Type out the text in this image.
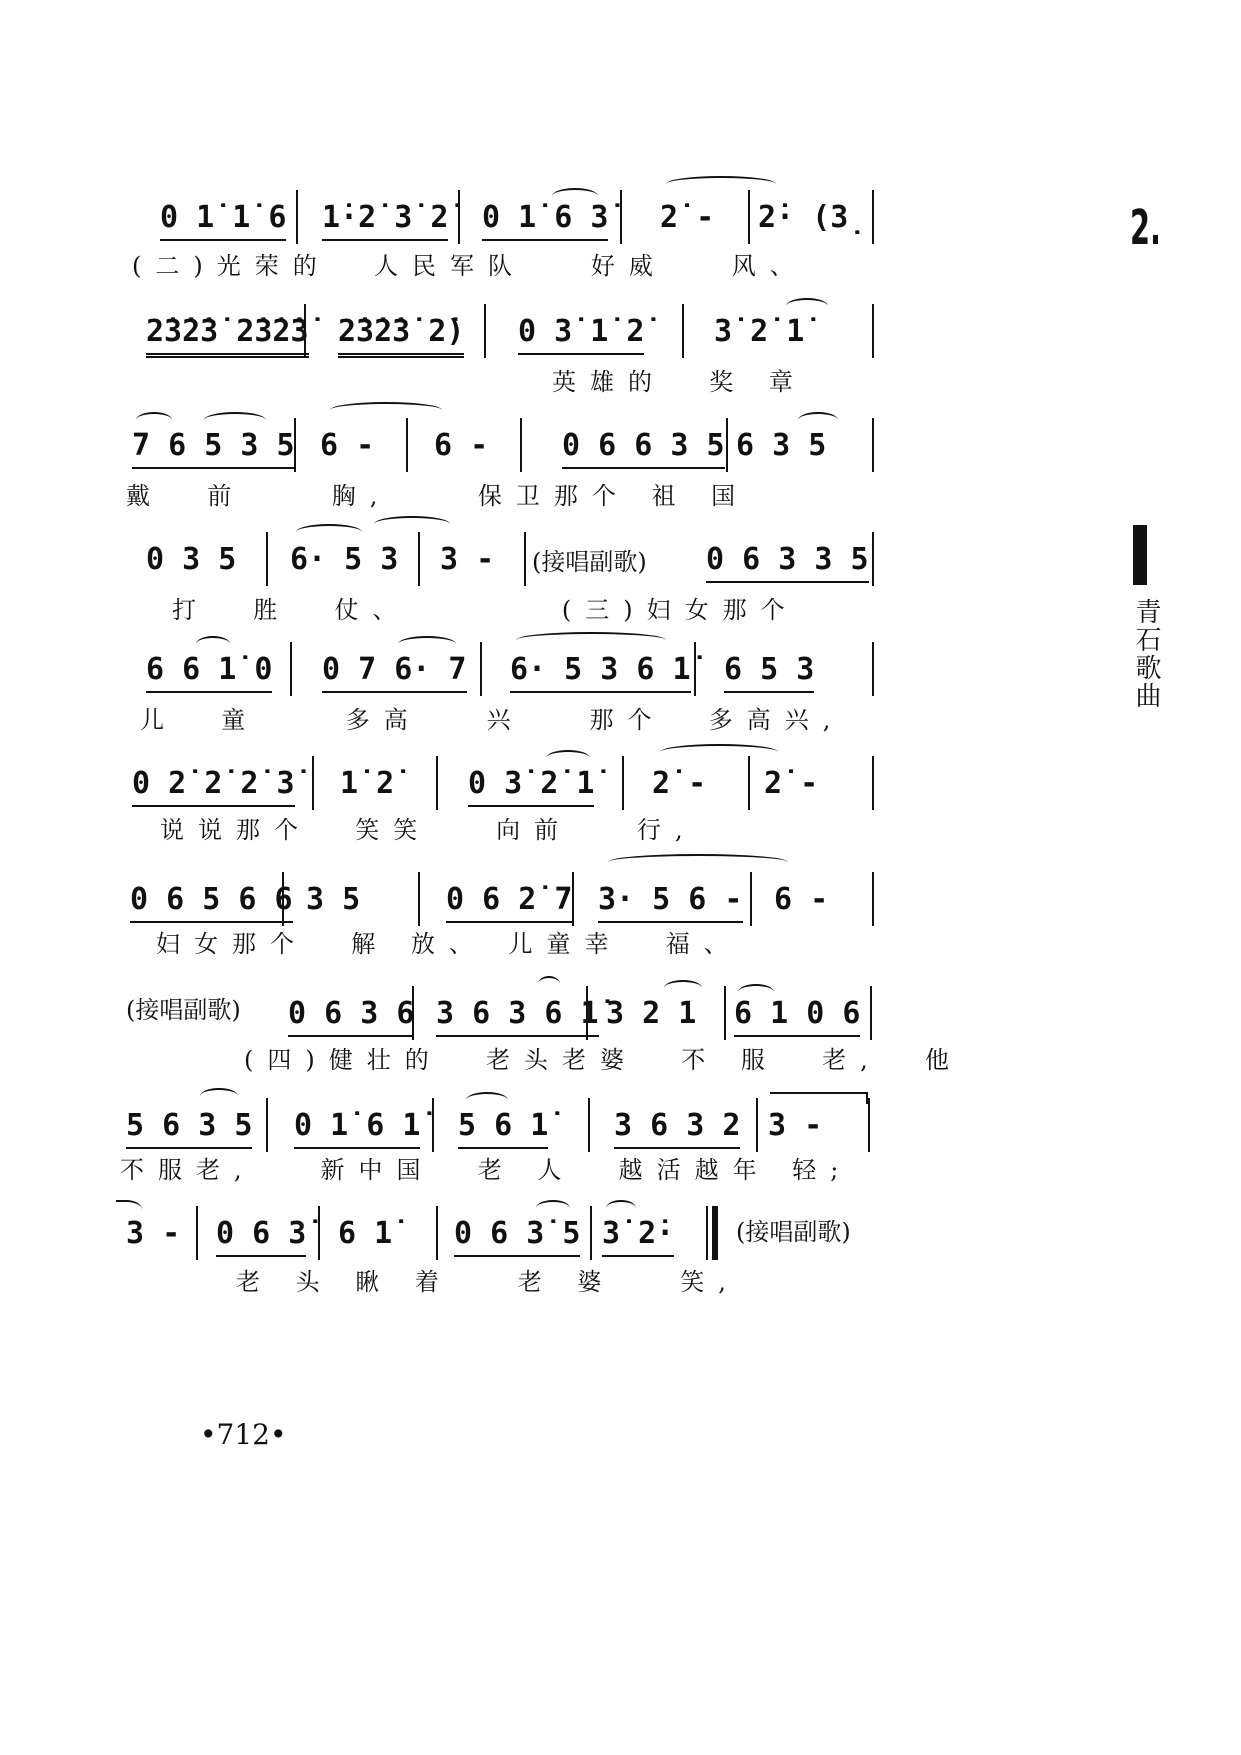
2.
青石歌曲
0 1̇ 1̇ 6 1̇·2̇ 3̇ 2̇ 0 1̇ 6 3̇ 2̇ - 2̇· (3̣
(二)光荣的  人民军队   好威   风、
2̇3̇2̇3̇ 2̇3̇2̇3̇ 2̇3̇2̇3̇ 2̇) 0 3̇ 1̇ 2̇ 3̇ 2̇ 1̇
英雄的  奖 章
7 6 5 3 5 6 - 6 - 0 6 6 3 5 6 3 5
戴  前    胸,    保卫那个 祖 国
0 3 5 6· 5 3 3 - (接唱副歌) 0 6 3 3 5
打  胜  仗、       (三)妇女那个
6 6 1̇ 0 0 7 6· 7 6· 5 3 6 1̇ 6 5 3
儿  童    多高   兴   那个  多高兴,
0 2̇ 2̇ 2̇ 3̇ 1̇ 2̇ 0 3̇ 2̇ 1̇ 2̇ - 2̇ -
说说那个  笑笑   向前   行,
0 6 5 6 6 3 5	0 6 2̇ 7 3· 5 6 - 6 -
妇女那个  解 放、 儿童幸  福、
(接唱副歌) 0 6 3 6 3 6 3 6 1̇ 3 2 1 6 1 0 6
(四)健壮的  老头老婆  不 服  老,  他
5 6 3 5 0 1̇ 6 1̇ 5 6 1̇ 3 6 3 2 3 -
不服老,   新中国  老 人  越活越年 轻;
3 - 0 6 3̇ 6 1̇ 0 6 3̇ 5 3̇ 2̇·	(接唱副歌)
老 头 瞅 着   老 婆   笑,
•712•
